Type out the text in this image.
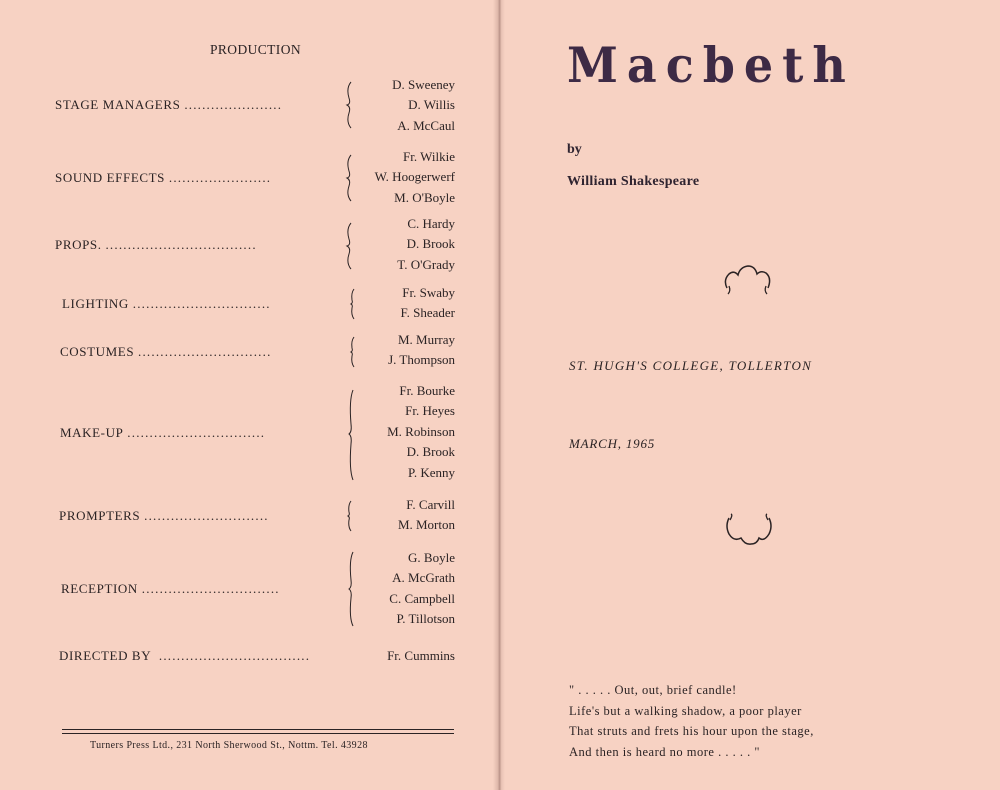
PRODUCTION
STAGE MANAGERS ......................
D. Sweeney
D. Willis
A. McCaul
SOUND EFFECTS .......................
Fr. Wilkie
W. Hoogerwerf
M. O'Boyle
PROPS. ..................................
C. Hardy
D. Brook
T. O'Grady
LIGHTING ...............................
Fr. Swaby
F. Sheader
COSTUMES ..............................
M. Murray
J. Thompson
MAKE-UP ...............................
Fr. Bourke
Fr. Heyes
M. Robinson
D. Brook
P. Kenny
PROMPTERS ............................
F. Carvill
M. Morton
RECEPTION ...............................
G. Boyle
A. McGrath
C. Campbell
P. Tillotson
DIRECTED BY ..................................	Fr. Cummins
Turners Press Ltd., 231 North Sherwood St., Nottm. Tel. 43928
Macbeth
by
William Shakespeare
ST. HUGH'S COLLEGE, TOLLERTON
MARCH, 1965
" . . . . . Out, out, brief candle!
Life's but a walking shadow, a poor player
That struts and frets his hour upon the stage,
And then is heard no more . . . . . "
